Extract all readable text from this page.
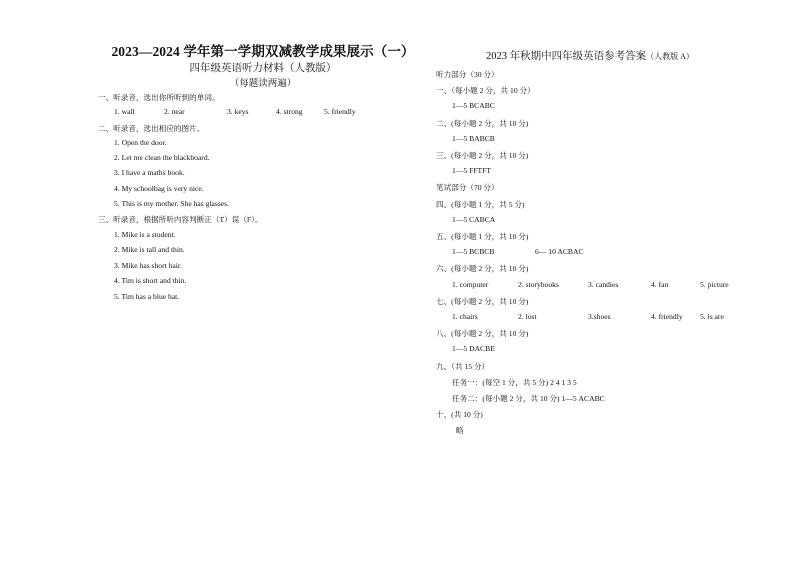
2023—2024 学年第一学期双减教学成果展示（一）
四年级英语听力材料（人教版）
（每题读两遍）
一、听录音，选出你所听到的单词。
1. wall	2. near	3. keys	4. strong	5. friendly
二、听录音，选出相应的图片。
1. Open the door.
2. Let me clean the blackboard.
3. I have a maths book.
4. My schoolbag is very nice.
5. This is my mother. She has glasses.
三、听录音，根据所听内容判断正（T）误（F）。
1. Mike is a student.
2. Mike is tall and thin.
3. Mike has short hair.
4. Tim is short and thin.
5. Tim has a blue hat.
2023 年秋期中四年级英语参考答案（人教版 A）
听力部分（30 分）
一、（每小题 2 分，共 10 分）
1—5 BCABC
二、(每小题 2 分，共 10 分)
1—5 BABCB
三、(每小题 2 分，共 10 分)
1—5 FFTFT
笔试部分（70 分）
四、(每小题 1 分，共 5 分)
1—5 CABCA
五、(每小题 1 分，共 10 分)
1—5 BCBCB	6— 10 ACBAC
六、(每小题 2 分，共 10 分)
1. computer	2. storybooks	3. candies	4. fan	5. picture
七、(每小题 2 分，共 10 分)
1. chairs	2. lost	3.shoes	4. friendly 5. is are
八、(每小题 2 分，共 10 分)
1—5 DACBE
九、（共 15 分）
任务一：(每空 1 分，共 5 分) 2 4 1 3 5
任务二：(每小题 2 分，共 10 分) 1—5 ACABC
十、(共 10 分)
略
